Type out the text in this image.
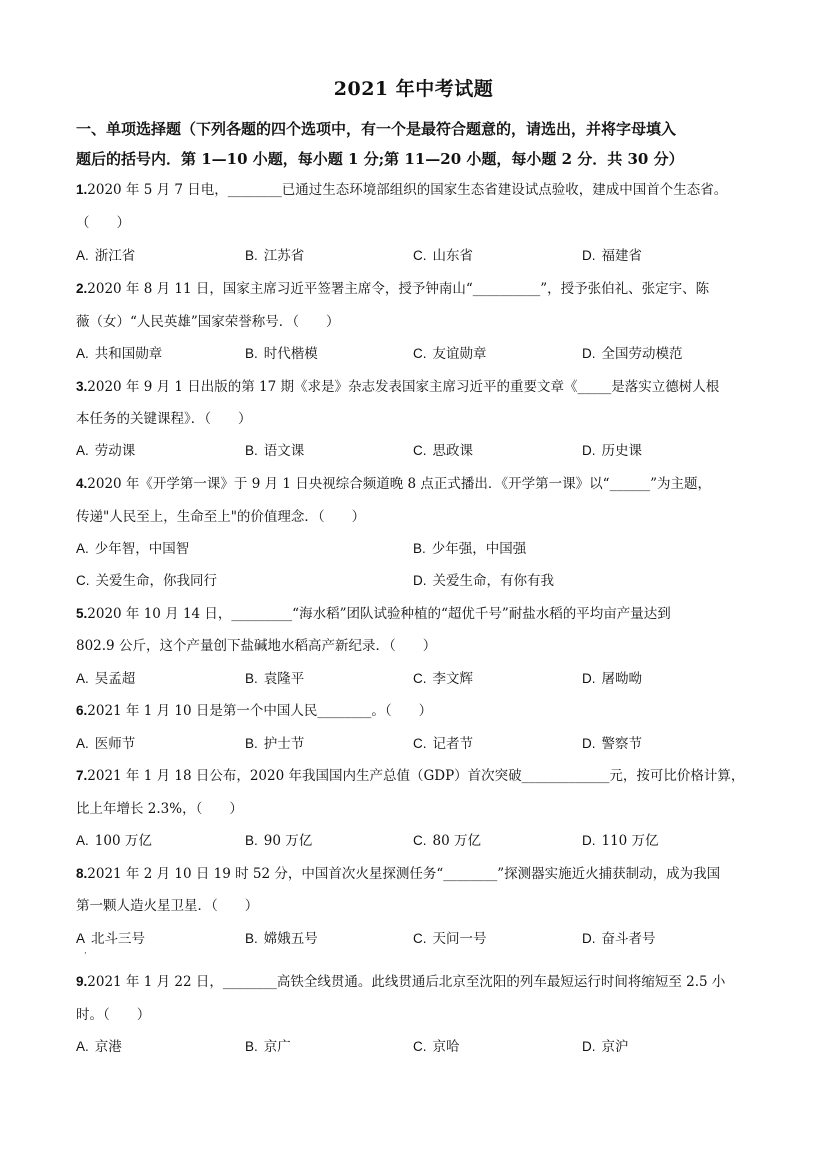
2021 年中考试题
一、单项选择题（下列各题的四个选项中，有一个是最符合题意的，请选出，并将字母填入
题后的括号内．第 1—10 小题，每小题 1 分;第 11—20 小题，每小题 2 分．共 30 分）
1.2020 年 5 月 7 日电，________已通过生态环境部组织的国家生态省建设试点验收，建成中国首个生态省。
（　　）
A. 浙江省	B. 江苏省	C. 山东省	D. 福建省
2.2020 年 8 月 11 日，国家主席习近平签署主席令，授予钟南山“__________”，授予张伯礼、张定宇、陈
薇（女）“人民英雄”国家荣誉称号．（　　）
A. 共和国勋章	B. 时代楷模	C. 友谊勋章	D. 全国劳动模范
3.2020 年 9 月 1 日出版的第 17 期《求是》杂志发表国家主席习近平的重要文章《_____是落实立德树人根
本任务的关键课程》．（　　）
A. 劳动课	B. 语文课	C. 思政课	D. 历史课
4.2020 年《开学第一课》于 9 月 1 日央视综合频道晚 8 点正式播出．《开学第一课》以“______”为主题，
传递"人民至上，生命至上"的价值理念．（　　）
A. 少年智，中国智	B. 少年强，中国强
C. 关爱生命，你我同行	D. 关爱生命，有你有我
5.2020 年 10 月 14 日，_________“海水稻”团队试验种植的“超优千号”耐盐水稻的平均亩产量达到
802.9 公斤，这个产量创下盐碱地水稻高产新纪录．（　　）
A. 吴孟超	B. 袁隆平	C. 李文辉	D. 屠呦呦
6.2021 年 1 月 10 日是第一个中国人民________。（　　）
A. 医师节	B. 护士节	C. 记者节	D. 警察节
7.2021 年 1 月 18 日公布，2020 年我国国内生产总值（GDP）首次突破_____________元，按可比价格计算，
比上年增长 2.3%，（　　）
A. 100 万亿	B. 90 万亿	C. 80 万亿	D. 110 万亿
8.2021 年 2 月 10 日 19 时 52 分，中国首次火星探测任务“________”探测器实施近火捕获制动，成为我国
第一颗人造火星卫星．（　　）
A 北斗三号	B. 嫦娥五号	C. 天问一号	D. 奋斗者号
·
9.2021 年 1 月 22 日，________高铁全线贯通。此线贯通后北京至沈阳的列车最短运行时间将缩短至 2.5 小
时。（　　）
A. 京港	B. 京广	C. 京哈	D. 京沪
